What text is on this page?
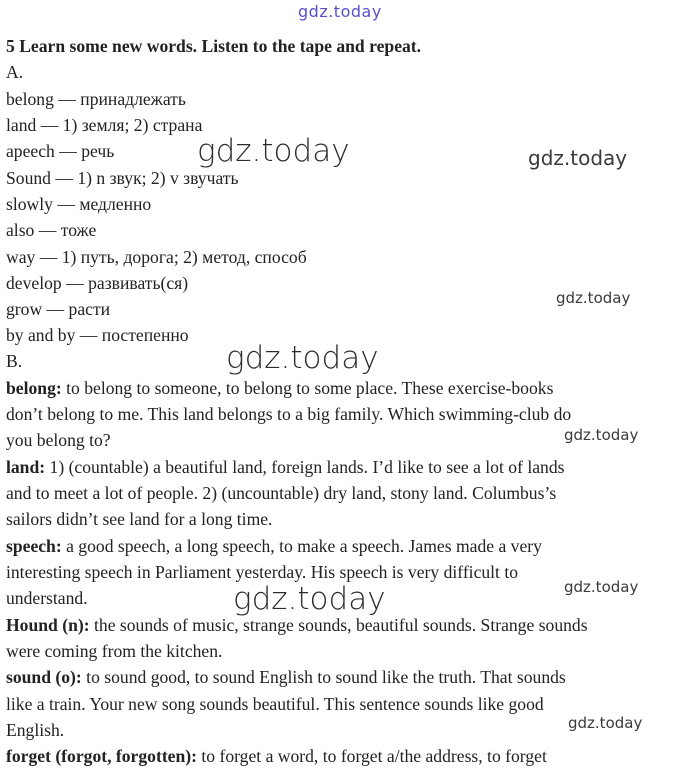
gdz.today
gdz.today	gdz.today
gdz.today
gdz.today
gdz.today
gdz.today
gdz.today
gdz.today
5 Learn some new words. Listen to the tape and repeat.
A.
belong — принадлежать
land — 1) земля; 2) страна
apeech — речь
Sound — 1) n звук; 2) v звучать
slowly — медленно
also — тоже
way — 1) путь, дорога; 2) метод, способ
develop — развивать(ся)
grow — расти
by and by — постепенно
B.
belong: to belong to someone, to belong to some place. These exercise-books
don’t belong to me. This land belongs to a big family. Which swimming-club do
you belong to?
land: 1) (countable) a beautiful land, foreign lands. I’d like to see a lot of lands
and to meet a lot of people. 2) (uncountable) dry land, stony land. Columbus’s
sailors didn’t see land for a long time.
speech: a good speech, a long speech, to make a speech. James made a very
interesting speech in Parliament yesterday. His speech is very difficult to
understand.
Hound (n): the sounds of music, strange sounds, beautiful sounds. Strange sounds
were coming from the kitchen.
sound (o): to sound good, to sound English to sound like the truth. That sounds
like a train. Your new song sounds beautiful. This sentence sounds like good
English.
forget (forgot, forgotten): to forget a word, to forget a/the address, to forget
